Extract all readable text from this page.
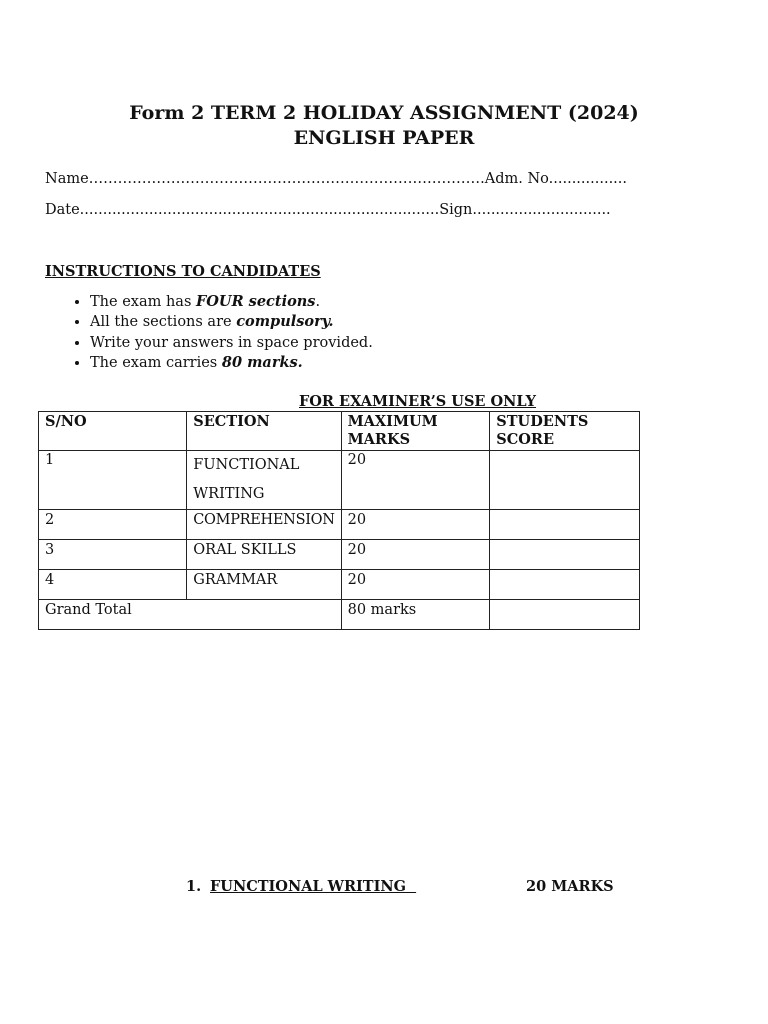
Form 2 TERM 2 HOLIDAY ASSIGNMENT (2024)
ENGLISH PAPER
Name……………………………………………………………………….Adm. No.................
Date..............................................................................Sign..............................
INSTRUCTIONS TO CANDIDATES
• The exam has FOUR sections.
• All the sections are compulsory.
• Write your answers in space provided.
• The exam carries 80 marks.
FOR EXAMINER’S USE ONLY
S/NO	SECTION	MAXIMUM MARKS	STUDENTS SCORE
1	FUNCTIONAL WRITING	20	
2	COMPREHENSION	20	
3	ORAL SKILLS	20	
4	GRAMMAR	20	
Grand Total		80 marks	
1. FUNCTIONAL WRITING	20 MARKS
